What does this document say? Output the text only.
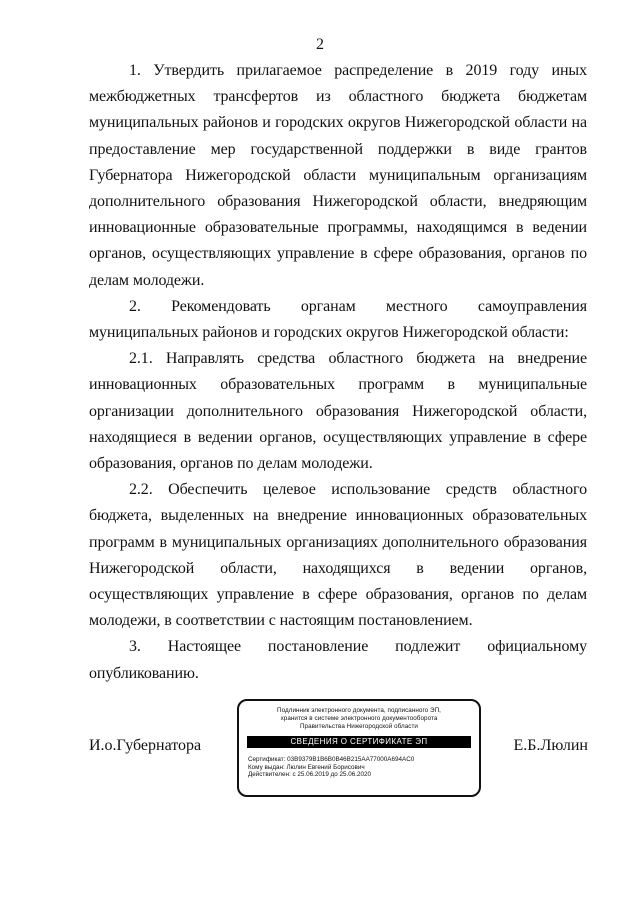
2

1. Утвердить прилагаемое распределение в 2019 году иных межбюджетных трансфертов из областного бюджета бюджетам муниципальных районов и городских округов Нижегородской области на предоставление мер государственной поддержки в виде грантов Губернатора Нижегородской области муниципальным организациям дополнительного образования Нижегородской области, внедряющим инновационные образовательные программы, находящимся в ведении органов, осуществляющих управление в сфере образования, органов по делам молодежи.

2. Рекомендовать органам местного самоуправления муниципальных районов и городских округов Нижегородской области:

2.1. Направлять средства областного бюджета на внедрение инновационных образовательных программ в муниципальные организации дополнительного образования Нижегородской области, находящиеся в ведении органов, осуществляющих управление в сфере образования, органов по делам молодежи.

2.2. Обеспечить целевое использование средств областного бюджета, выделенных на внедрение инновационных образовательных программ в муниципальных организациях дополнительного образования Нижегородской области, находящихся в ведении органов, осуществляющих управление в сфере образования, органов по делам молодежи, в соответствии с настоящим постановлением.

3. Настоящее постановление подлежит официальному опубликованию.

И.о.Губернатора	Е.Б.Люлин
Подлинник электронного документа, подписанного ЭП,
хранится в системе электронного документооборота
Правительства Нижегородской области
СВЕДЕНИЯ О СЕРТИФИКАТЕ ЭП
Сертификат: 03B9379B1B6B0B46B215AA77000A694AC0
Кому выдан: Люлин Евгений Борисович
Действителен: с 25.06.2019 до 25.06.2020
